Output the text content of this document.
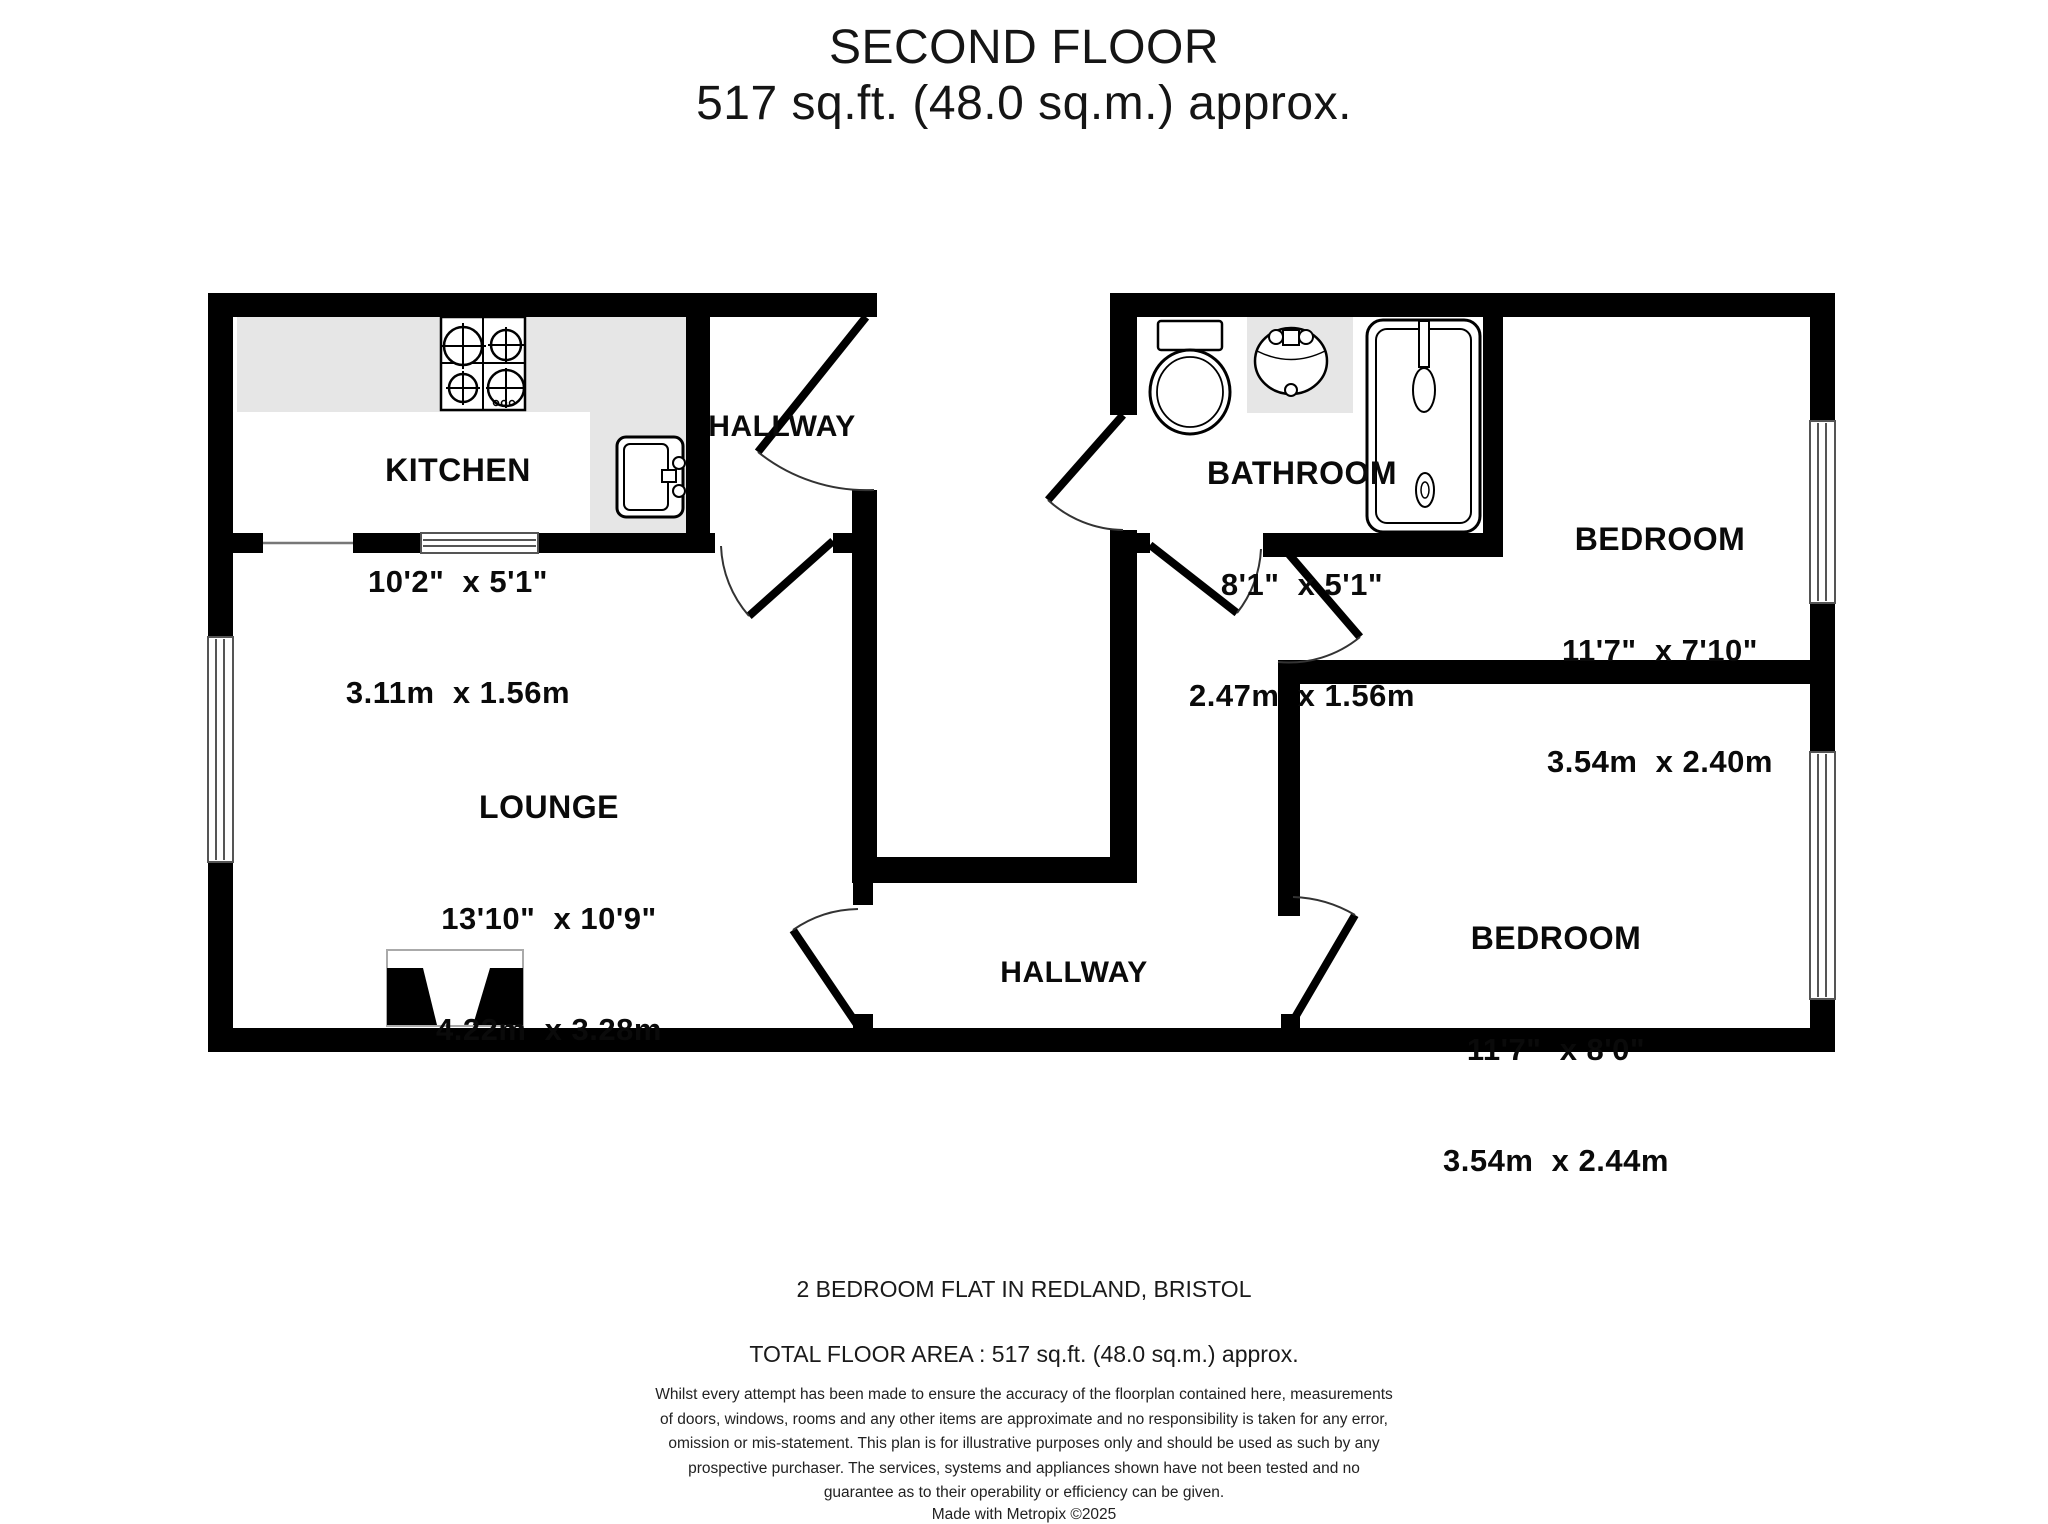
SECOND FLOOR
517 sq.ft. (48.0 sq.m.) approx.

KITCHEN

10'2"  x 5'1"

3.11m  x 1.56m

HALLWAY

BATHROOM

8'1"  x 5'1"

2.47m  x 1.56m

BEDROOM

11'7"  x 7'10"

3.54m  x 2.40m

LOUNGE

13'10"  x 10'9"

4.22m  x 3.28m

BEDROOM

11'7"  x 8'0"

3.54m  x 2.44m

HALLWAY
2 BEDROOM FLAT IN REDLAND, BRISTOL
TOTAL FLOOR AREA : 517 sq.ft. (48.0 sq.m.) approx.
Whilst every attempt has been made to ensure the accuracy of the floorplan contained here, measurements of doors, windows, rooms and any other items are approximate and no responsibility is taken for any error, omission or mis-statement. This plan is for illustrative purposes only and should be used as such by any prospective purchaser. The services, systems and appliances shown have not been tested and no guarantee as to their operability or efficiency can be given.
Made with Metropix ©2025
